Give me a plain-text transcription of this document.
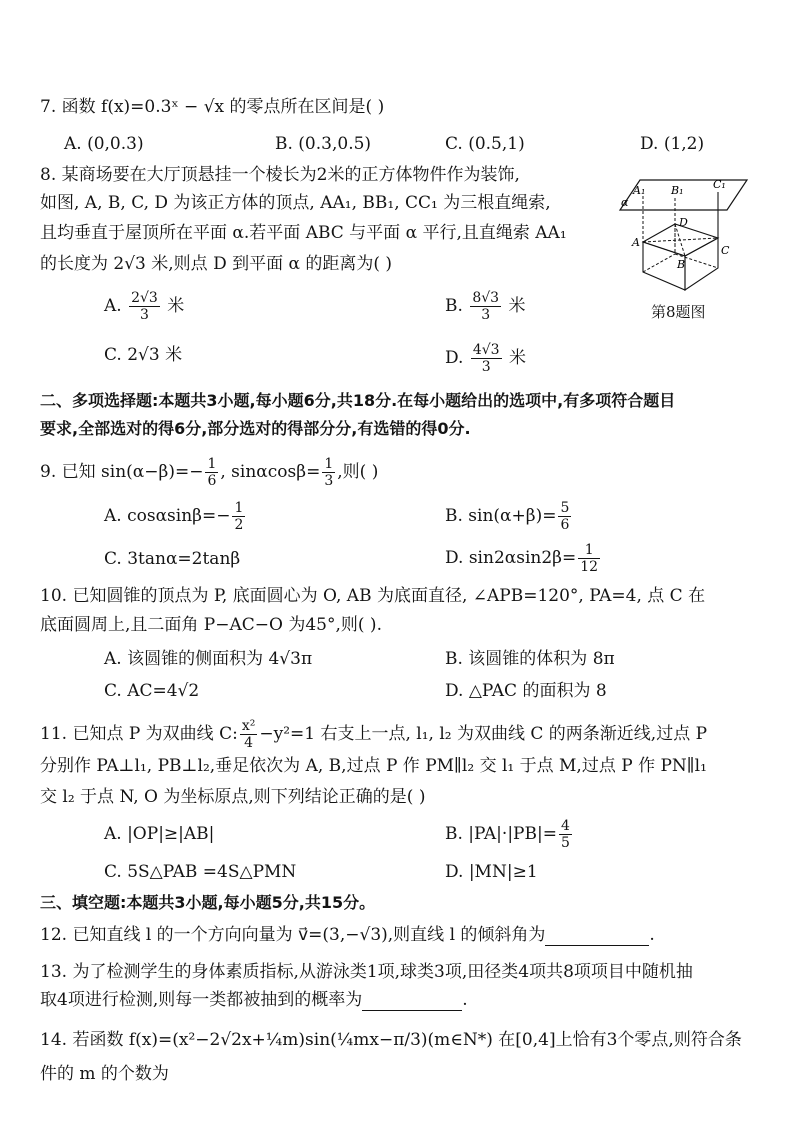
7. 函数 f(x)=0.3ˣ − √x 的零点所在区间是( )
A. (0,0.3)	B. (0.3,0.5)	C. (0.5,1)	D. (1,2)
8. 某商场要在大厅顶悬挂一个棱长为2米的正方体物件作为装饰,
如图, A, B, C, D 为该正方体的顶点, AA₁, BB₁, CC₁ 为三根直绳索,
且均垂直于屋顶所在平面 α.若平面 ABC 与平面 α 平行,且直绳索 AA₁
的长度为 2√3 米,则点 D 到平面 α 的距离为( )
A. $\frac{2√3}{3}$ 米	B. $\frac{8√3}{3}$ 米
C. 2√3 米	D. $\frac{4√3}{3}$ 米
A₁ B₁	C₁
α
D
A
C
B
第8题图
二、多项选择题:本题共3小题,每小题6分,共18分.在每小题给出的选项中,有多项符合题目
要求,全部选对的得6分,部分选对的得部分分,有选错的得0分.
9. 已知 $\sin(\alpha-\beta)=- \frac{1}{6}$ , $\sin\alpha\cos\beta= \frac{1}{3}$ ,则( )
A. $\cos\alpha\sin\beta=- \frac{1}{2}$	B. $\sin(\alpha+\beta)= \frac{5}{6}$
C. 3tanα=2tanβ	D. $\sin 2\alpha\sin 2\beta= \frac{1}{12}$
10. 已知圆锥的顶点为 P, 底面圆心为 O, AB 为底面直径, ∠APB=120°, PA=4, 点 C 在
底面圆周上,且二面角 P−AC−O 为45°,则( ).
A. 该圆锥的侧面积为 4√3π	B. 该圆锥的体积为 8π
C. AC=4√2	D. △PAC 的面积为 8
11. 已知点 P 为双曲线 C: $\frac{\text{x²}}{4} -y^2=1$ 右支上一点, l₁, l₂ 为双曲线 C 的两条渐近线,过点 P
分别作 PA⊥l₁, PB⊥l₂,垂足依次为 A, B,过点 P 作 PM∥l₂ 交 l₁ 于点 M,过点 P 作 PN∥l₁
交 l₂ 于点 N, O 为坐标原点,则下列结论正确的是( )
A. |OP|≥|AB|	B. $|PA|\cdot|PB|= \frac{4}{5}$
C. 5S△PAB =4S△PMN	D. |MN|≥1
三、填空题:本题共3小题,每小题5分,共15分。
12. 已知直线 l 的一个方向向量为 v⃗=(3,−√3),则直线 l 的倾斜角为	.
13. 为了检测学生的身体素质指标,从游泳类1项,球类3项,田径类4项共8项项目中随机抽
取4项进行检测,则每一类都被抽到的概率为	.
14. 若函数 f(x)=(x²−2√2x+¼m)sin(¼mx−π/3)(m∈N*) 在[0,4]上恰有3个零点,则符合条
件的 m 的个数为
